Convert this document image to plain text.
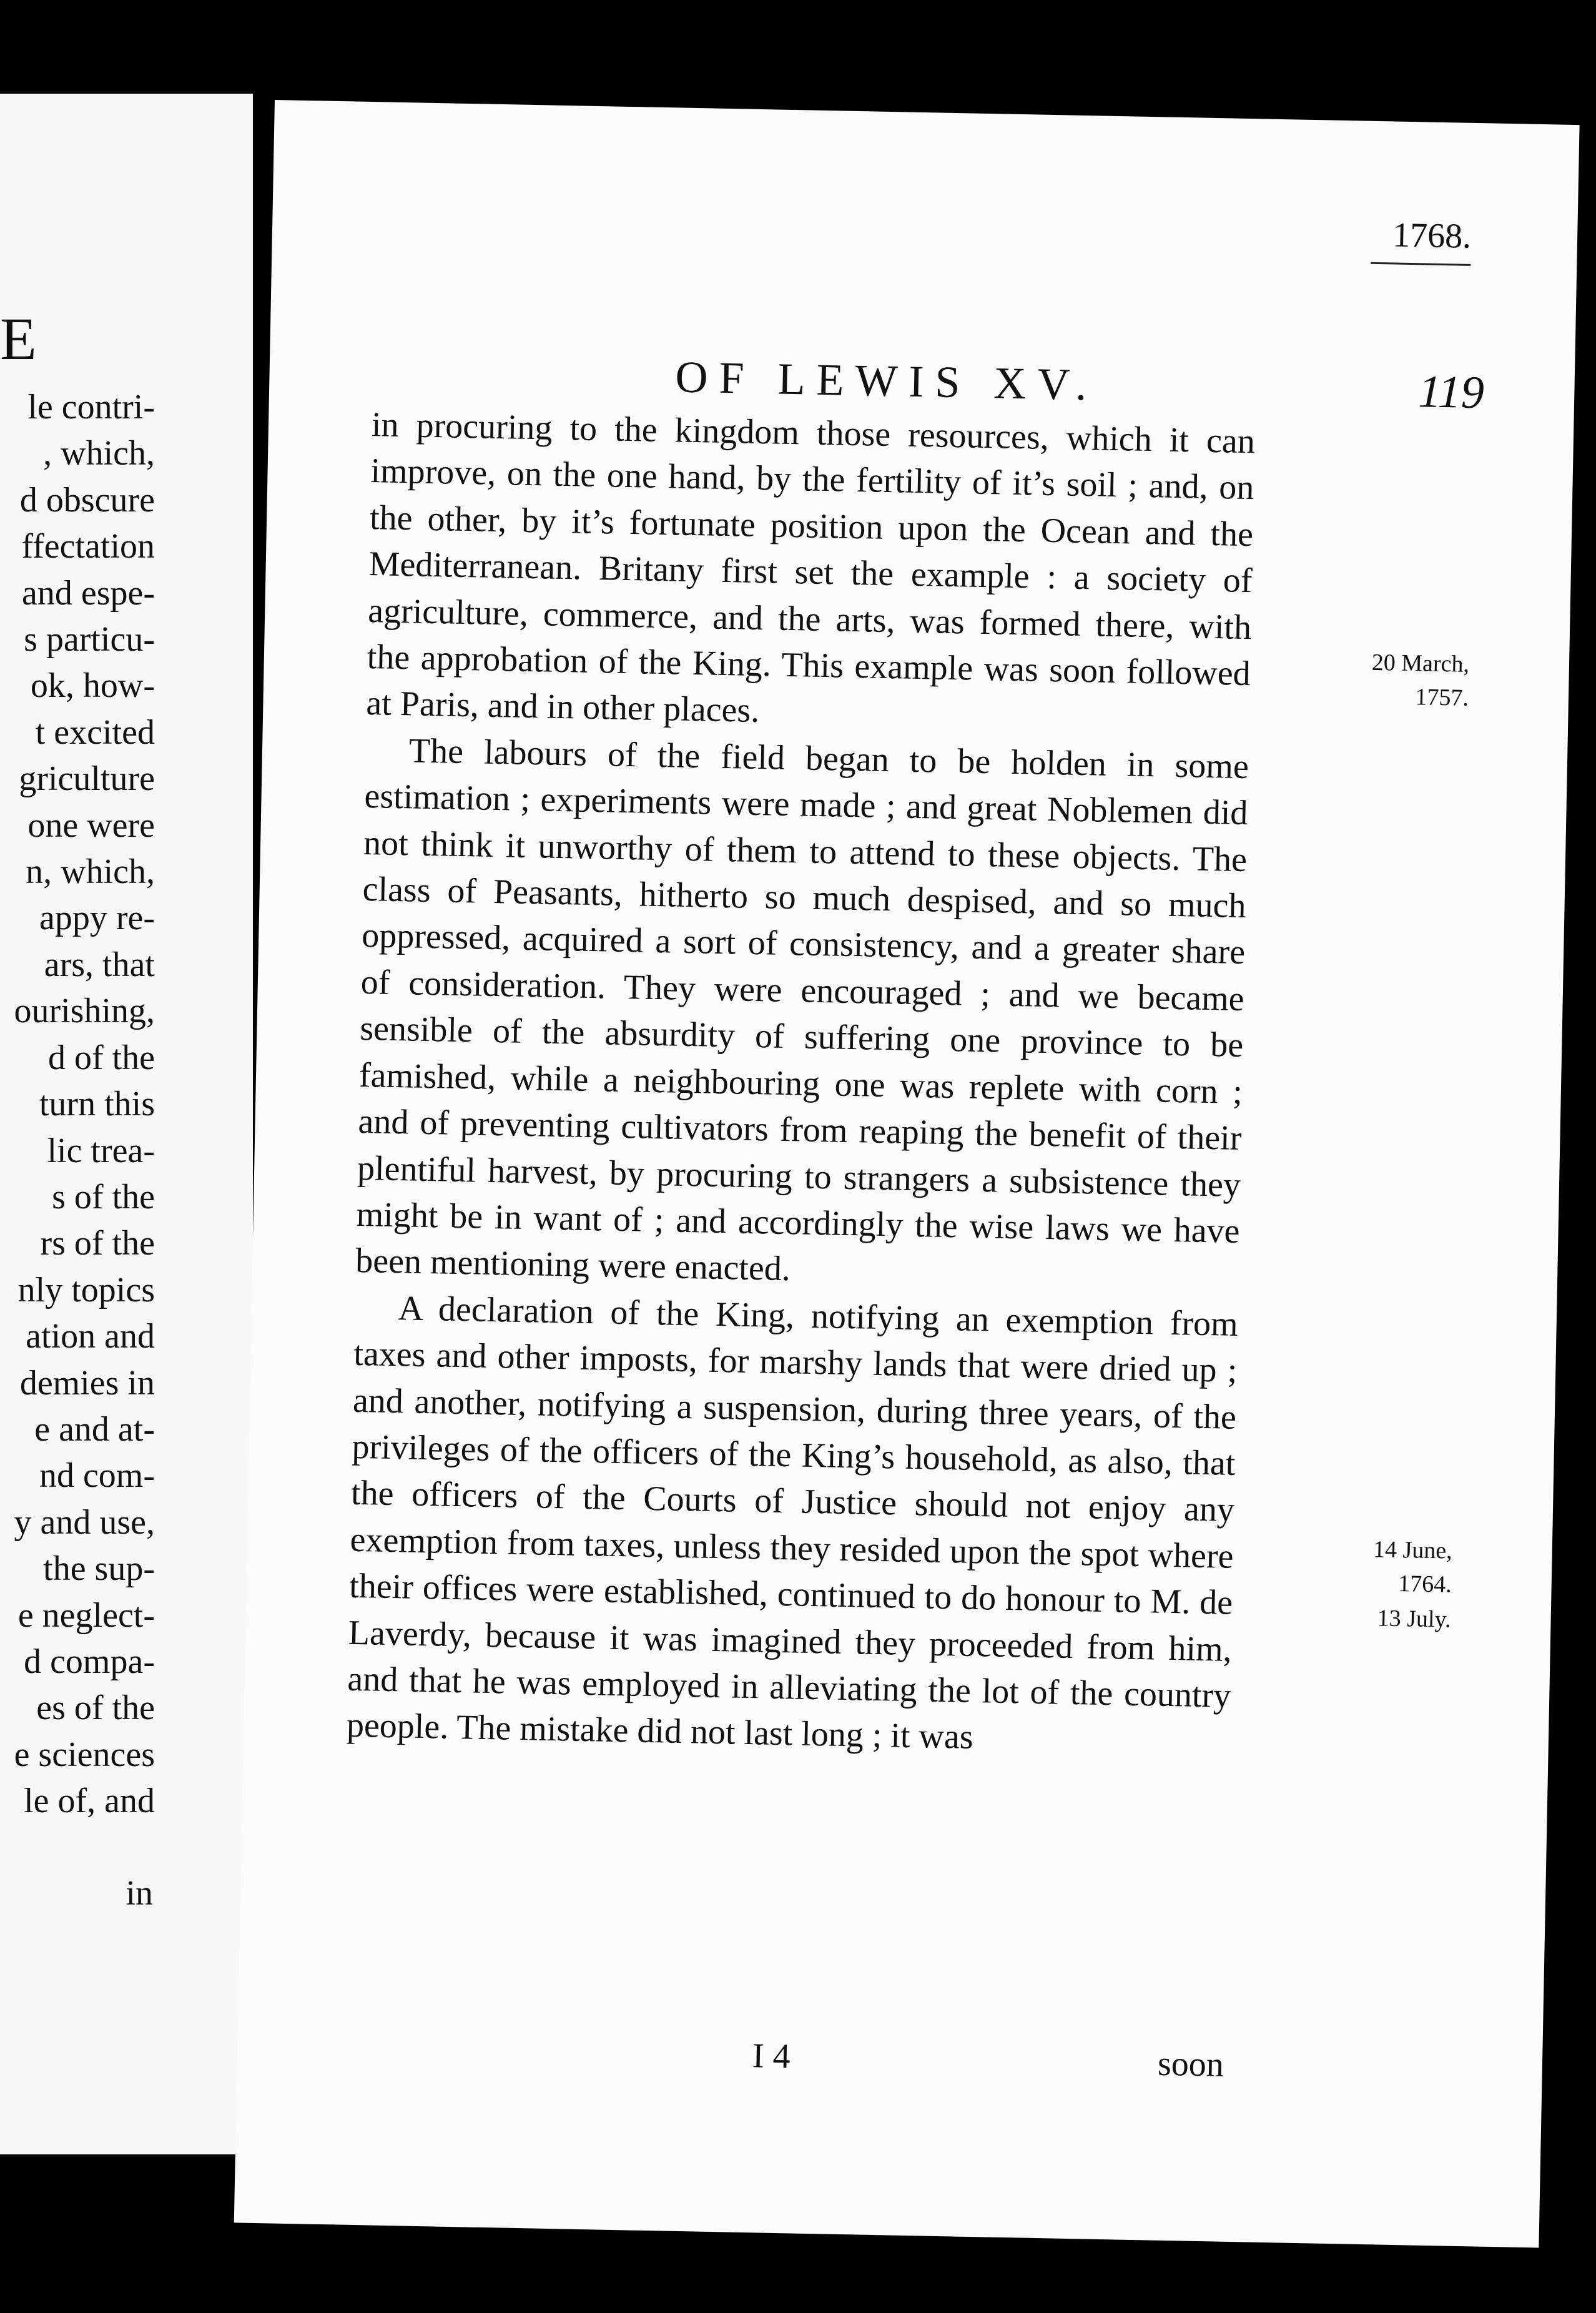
E
le contri-
, which,
d obscure
ffectation
and espe-
s particu-
ok, how-
t excited
griculture
one were
n, which,
appy re-
ars, that
ourishing,
d of the
turn this
lic trea-
s of the
rs of the
nly topics
ation and
demies in
e and at-
nd com-
y and use,
the sup-
e neglect-
d compa-
es of the
e sciences
le of, and
in
OF LEWIS XV.	119
1768.
20 March,
1757.
14 June,
1764.
13 July.

in procuring to the kingdom those resources, which it can improve, on the one hand, by the fertility of it’s soil ; and, on the other, by it’s fortunate position upon the Ocean and the Mediterranean. Britany first set the example : a society of agriculture, commerce, and the arts, was formed there, with the approbation of the King. This example was soon followed at Paris, and in other places.

The labours of the field began to be holden in some estimation ; experiments were made ; and great Noblemen did not think it unworthy of them to attend to these objects. The class of Peasants, hitherto so much despised, and so much oppressed, acquired a sort of consistency, and a greater share of consideration. They were encouraged ; and we became sensible of the absurdity of suffering one province to be famished, while a neighbouring one was replete with corn ; and of preventing cultivators from reaping the benefit of their plentiful harvest, by procuring to strangers a subsistence they might be in want of ; and accordingly the wise laws we have been mentioning were enacted.

A declaration of the King, notifying an exemption from taxes and other imposts, for marshy lands that were dried up ; and another, notifying a suspension, during three years, of the privileges of the officers of the King’s household, as also, that the officers of the Courts of Justice should not enjoy any exemption from taxes, unless they resided upon the spot where their offices were established, continued to do honour to M. de Laverdy, because it was imagined they proceeded from him, and that he was employed in alleviating the lot of the country people. The mistake did not last long ; it was

I 4	soon
